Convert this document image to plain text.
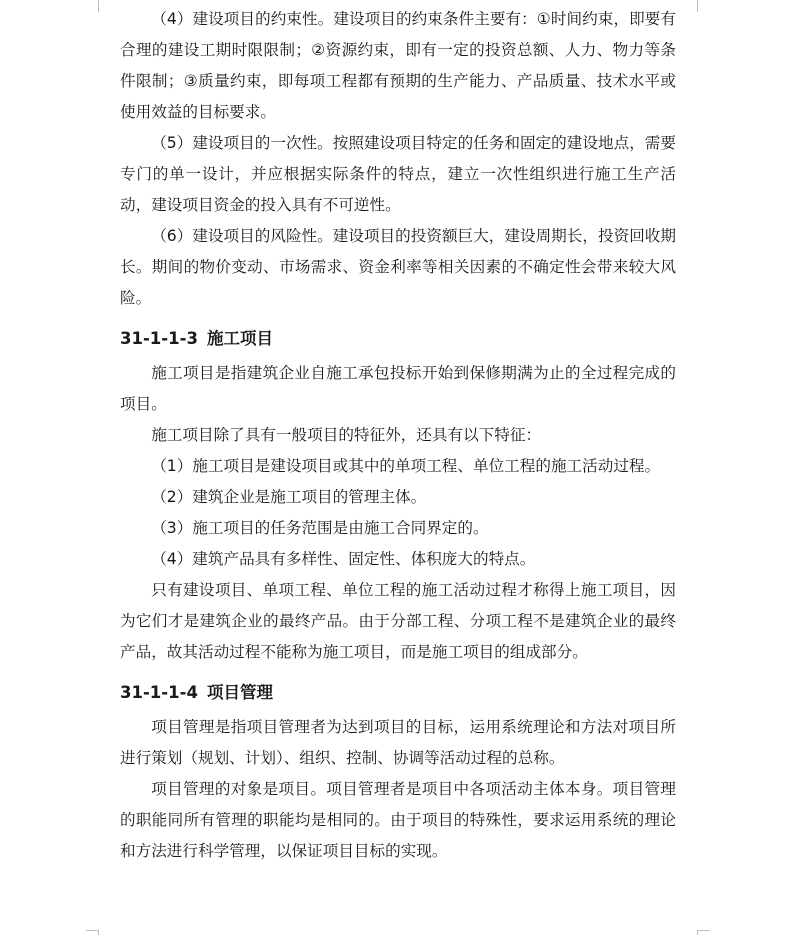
（4）建设项目的约束性。建设项目的约束条件主要有：①时间约束，即要有合理的建设工期时限限制；②资源约束，即有一定的投资总额、人力、物力等条件限制；③质量约束，即每项工程都有预期的生产能力、产品质量、技术水平或使用效益的目标要求。

（5）建设项目的一次性。按照建设项目特定的任务和固定的建设地点，需要专门的单一设计，并应根据实际条件的特点，建立一次性组织进行施工生产活动，建设项目资金的投入具有不可逆性。

（6）建设项目的风险性。建设项目的投资额巨大，建设周期长，投资回收期长。期间的物价变动、市场需求、资金利率等相关因素的不确定性会带来较大风险。

31-1-1-3 施工项目

施工项目是指建筑企业自施工承包投标开始到保修期满为止的全过程完成的项目。

施工项目除了具有一般项目的特征外，还具有以下特征：

（1）施工项目是建设项目或其中的单项工程、单位工程的施工活动过程。

（2）建筑企业是施工项目的管理主体。

（3）施工项目的任务范围是由施工合同界定的。

（4）建筑产品具有多样性、固定性、体积庞大的特点。

只有建设项目、单项工程、单位工程的施工活动过程才称得上施工项目，因为它们才是建筑企业的最终产品。由于分部工程、分项工程不是建筑企业的最终产品，故其活动过程不能称为施工项目，而是施工项目的组成部分。

31-1-1-4 项目管理

项目管理是指项目管理者为达到项目的目标，运用系统理论和方法对项目所进行策划（规划、计划）、组织、控制、协调等活动过程的总称。

项目管理的对象是项目。项目管理者是项目中各项活动主体本身。项目管理的职能同所有管理的职能均是相同的。由于项目的特殊性，要求运用系统的理论和方法进行科学管理，以保证项目目标的实现。
